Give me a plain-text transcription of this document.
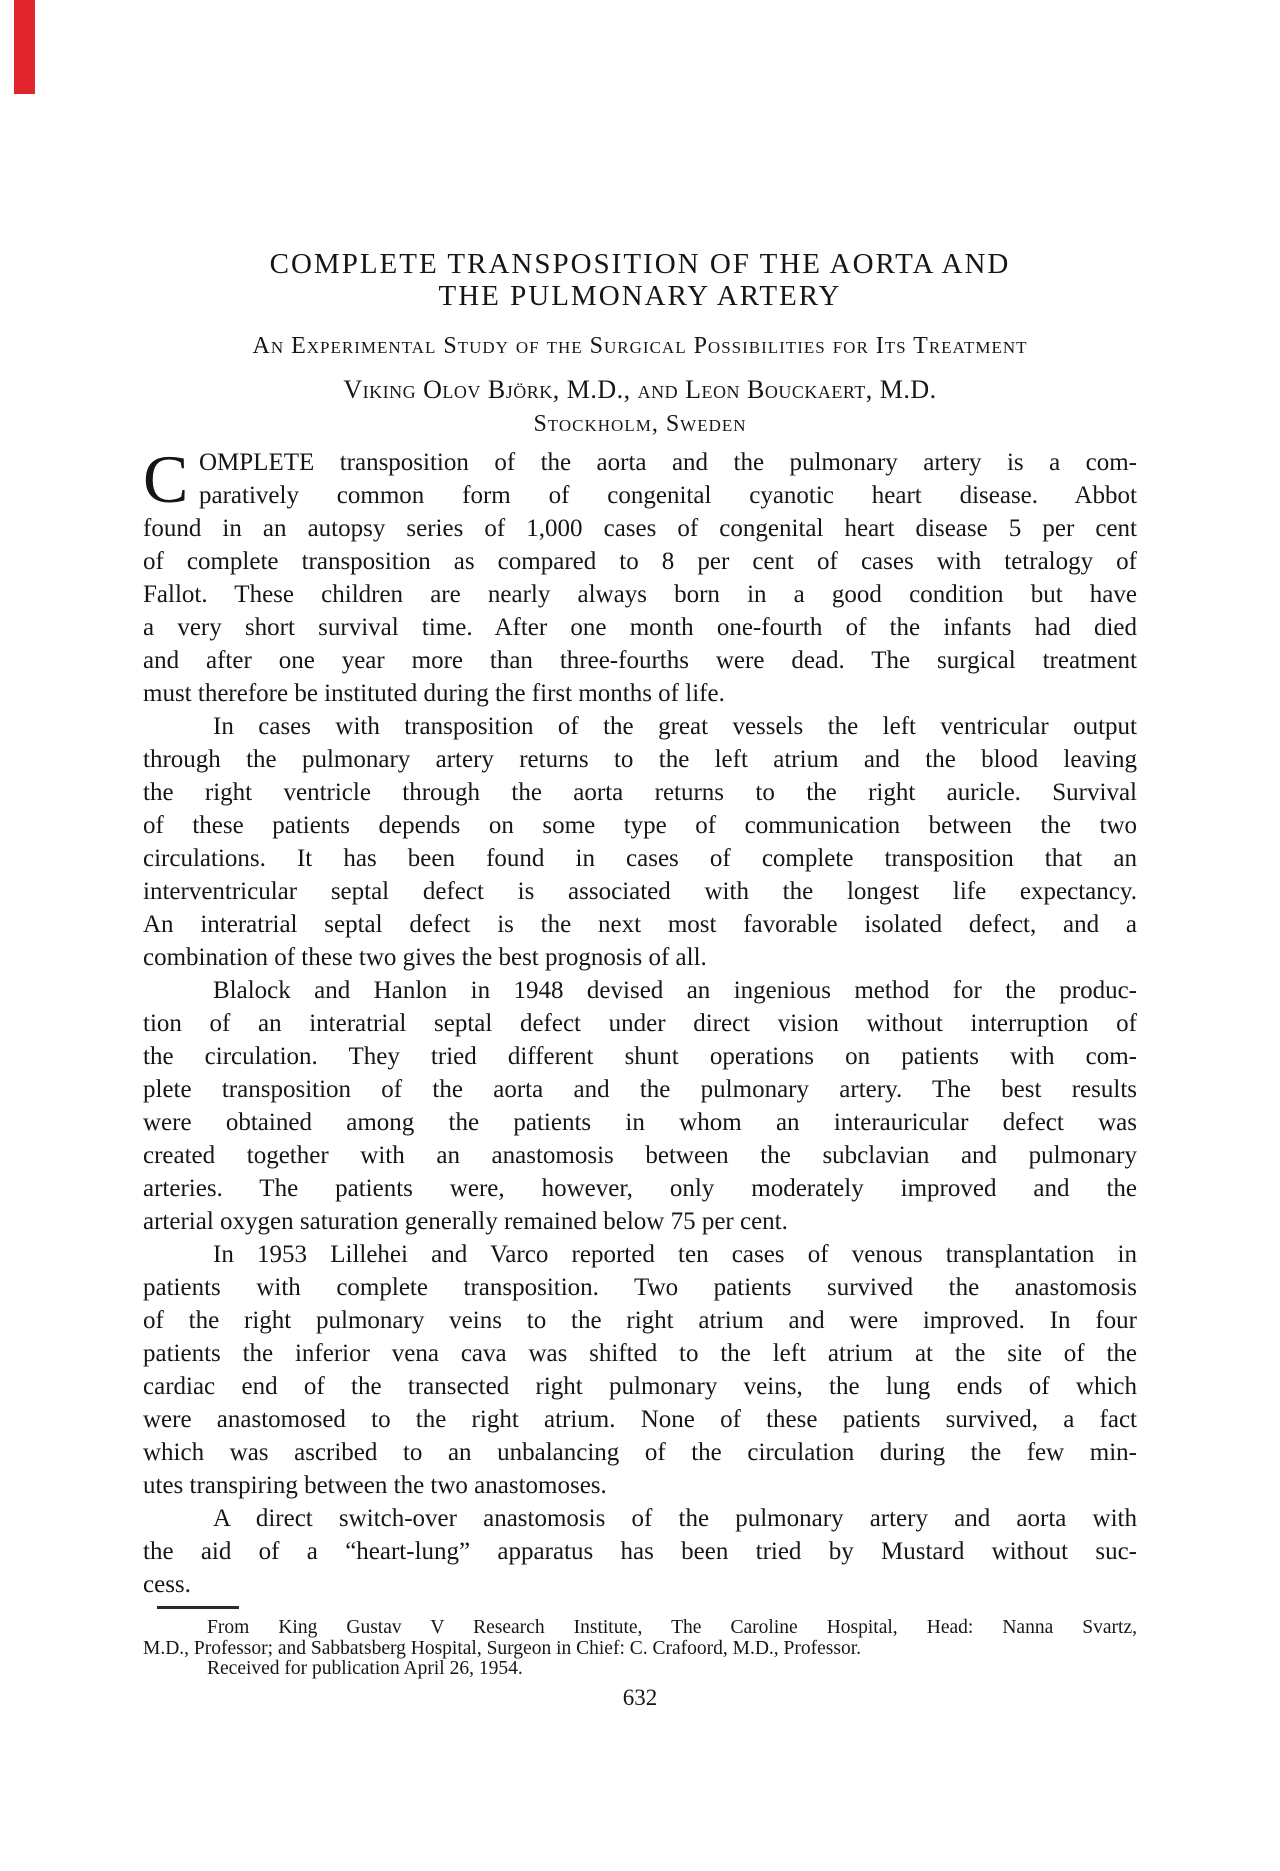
COMPLETE TRANSPOSITION OF THE AORTA AND
THE PULMONARY ARTERY
An Experimental Study of the Surgical Possibilities for Its Treatment
Viking Olov Björk, M.D., and Leon Bouckaert, M.D.
Stockholm, Sweden
C OMPLETE transposition of the aorta and the pulmonary artery is a com-
paratively common form of congenital cyanotic heart disease. Abbot
found in an autopsy series of 1,000 cases of congenital heart disease 5 per cent
of complete transposition as compared to 8 per cent of cases with tetralogy of
Fallot. These children are nearly always born in a good condition but have
a very short survival time. After one month one-fourth of the infants had died
and after one year more than three-fourths were dead. The surgical treatment
must therefore be instituted during the first months of life.
In cases with transposition of the great vessels the left ventricular output
through the pulmonary artery returns to the left atrium and the blood leaving
the right ventricle through the aorta returns to the right auricle. Survival
of these patients depends on some type of communication between the two
circulations. It has been found in cases of complete transposition that an
interventricular septal defect is associated with the longest life expectancy.
An interatrial septal defect is the next most favorable isolated defect, and a
combination of these two gives the best prognosis of all.
Blalock and Hanlon in 1948 devised an ingenious method for the produc-
tion of an interatrial septal defect under direct vision without interruption of
the circulation. They tried different shunt operations on patients with com-
plete transposition of the aorta and the pulmonary artery. The best results
were obtained among the patients in whom an interauricular defect was
created together with an anastomosis between the subclavian and pulmonary
arteries. The patients were, however, only moderately improved and the
arterial oxygen saturation generally remained below 75 per cent.
In 1953 Lillehei and Varco reported ten cases of venous transplantation in
patients with complete transposition. Two patients survived the anastomosis
of the right pulmonary veins to the right atrium and were improved. In four
patients the inferior vena cava was shifted to the left atrium at the site of the
cardiac end of the transected right pulmonary veins, the lung ends of which
were anastomosed to the right atrium. None of these patients survived, a fact
which was ascribed to an unbalancing of the circulation during the few min-
utes transpiring between the two anastomoses.
A direct switch-over anastomosis of the pulmonary artery and aorta with
the aid of a “heart-lung” apparatus has been tried by Mustard without suc-
cess.
From King Gustav V Research Institute, The Caroline Hospital, Head: Nanna Svartz,
M.D., Professor; and Sabbatsberg Hospital, Surgeon in Chief: C. Crafoord, M.D., Professor.
Received for publication April 26, 1954.
632
